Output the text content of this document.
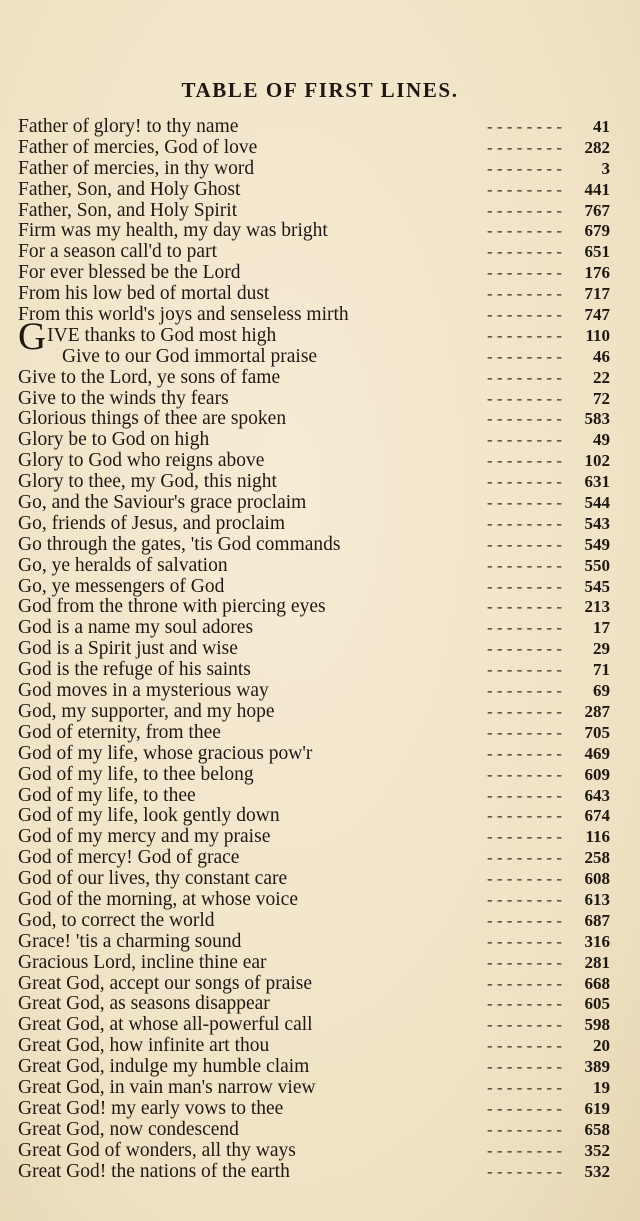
TABLE OF FIRST LINES.
Father of glory! to thy name	- - - - - - - -	41
Father of mercies, God of love	- - - - - - - -	282
Father of mercies, in thy word	- - - - - - - -	3
Father, Son, and Holy Ghost	- - - - - - - -	441
Father, Son, and Holy Spirit	- - - - - - - -	767
Firm was my health, my day was bright	- - - - - - - -	679
For a season call'd to part	- - - - - - - -	651
For ever blessed be the Lord	- - - - - - - -	176
From his low bed of mortal dust	- - - - - - - -	717
From this world's joys and senseless mirth	- - - - - - - -	747
GIVE thanks to God most high	- - - - - - - -	110
Give to our God immortal praise	- - - - - - - -	46
Give to the Lord, ye sons of fame	- - - - - - - -	22
Give to the winds thy fears	- - - - - - - -	72
Glorious things of thee are spoken	- - - - - - - -	583
Glory be to God on high	- - - - - - - -	49
Glory to God who reigns above	- - - - - - - -	102
Glory to thee, my God, this night	- - - - - - - -	631
Go, and the Saviour's grace proclaim	- - - - - - - -	544
Go, friends of Jesus, and proclaim	- - - - - - - -	543
Go through the gates, 'tis God commands	- - - - - - - -	549
Go, ye heralds of salvation	- - - - - - - -	550
Go, ye messengers of God	- - - - - - - -	545
God from the throne with piercing eyes	- - - - - - - -	213
God is a name my soul adores	- - - - - - - -	17
God is a Spirit just and wise	- - - - - - - -	29
God is the refuge of his saints	- - - - - - - -	71
God moves in a mysterious way	- - - - - - - -	69
God, my supporter, and my hope	- - - - - - - -	287
God of eternity, from thee	- - - - - - - -	705
God of my life, whose gracious pow'r	- - - - - - - -	469
God of my life, to thee belong	- - - - - - - -	609
God of my life, to thee	- - - - - - - -	643
God of my life, look gently down	- - - - - - - -	674
God of my mercy and my praise	- - - - - - - -	116
God of mercy! God of grace	- - - - - - - -	258
God of our lives, thy constant care	- - - - - - - -	608
God of the morning, at whose voice	- - - - - - - -	613
God, to correct the world	- - - - - - - -	687
Grace! 'tis a charming sound	- - - - - - - -	316
Gracious Lord, incline thine ear	- - - - - - - -	281
Great God, accept our songs of praise	- - - - - - - -	668
Great God, as seasons disappear	- - - - - - - -	605
Great God, at whose all-powerful call	- - - - - - - -	598
Great God, how infinite art thou	- - - - - - - -	20
Great God, indulge my humble claim	- - - - - - - -	389
Great God, in vain man's narrow view	- - - - - - - -	19
Great God! my early vows to thee	- - - - - - - -	619
Great God, now condescend	- - - - - - - -	658
Great God of wonders, all thy ways	- - - - - - - -	352
Great God! the nations of the earth	- - - - - - - -	532
